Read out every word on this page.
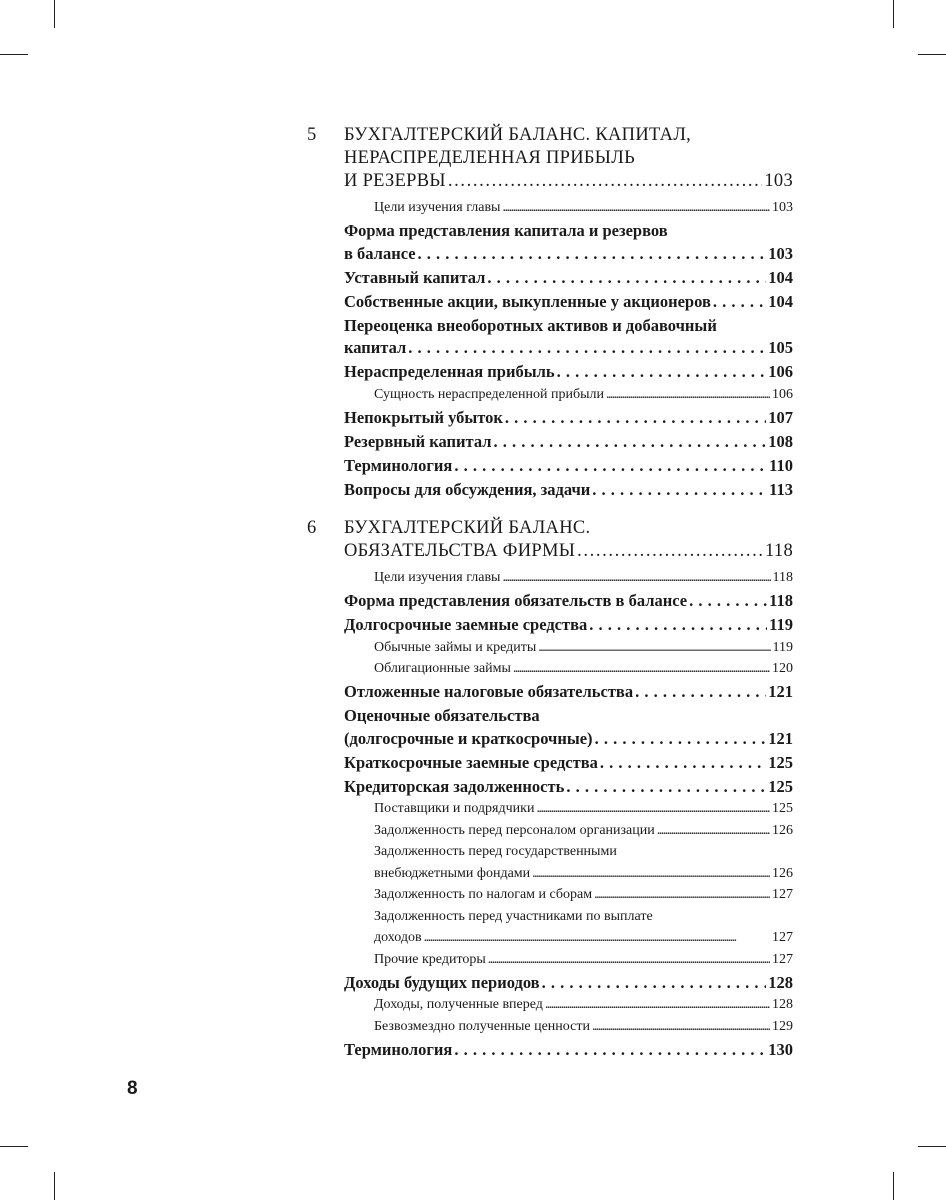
5	БУХГАЛТЕРСКИЙ БАЛАНС. КАПИТАЛ,
НЕРАСПРЕДЕЛЕННАЯ ПРИБЫЛЬ
И РЕЗЕРВЫ . . .	103
Цели изучения главы . . .	103
Форма представления капитала и резервов
в балансе . . .	103
Уставный капитал . . .	104
Собственные акции, выкупленные у акционеров . . .	104
Переоценка внеоборотных активов и добавочный
капитал . . .	105
Нераспределенная прибыль . . .	106
Сущность нераспределенной прибыли . . .	106
Непокрытый убыток . . .	107
Резервный капитал . . .	108
Терминология . . .	110
Вопросы для обсуждения, задачи . . .	113
6	БУХГАЛТЕРСКИЙ БАЛАНС.
ОБЯЗАТЕЛЬСТВА ФИРМЫ . . .	118
Цели изучения главы . . .	118
Форма представления обязательств в балансе . . .	118
Долгосрочные заемные средства . . .	119
Обычные займы и кредиты . . .	119
Облигационные займы . . .	120
Отложенные налоговые обязательства . . .	121
Оценочные обязательства
(долгосрочные и краткосрочные) . . .	121
Краткосрочные заемные средства . . .	125
Кредиторская задолженность . . .	125
Поставщики и подрядчики . . .	125
Задолженность перед персоналом организации . . .	126
Задолженность перед государственными
внебюджетными фондами . . .	126
Задолженность по налогам и сборам . . .	127
Задолженность перед участниками по выплате
доходов . . .	127
Прочие кредиторы . . .	127
Доходы будущих периодов . . .	128
Доходы, полученные вперед . . .	128
Безвозмездно полученные ценности . . .	129
Терминология . . .	130
8
